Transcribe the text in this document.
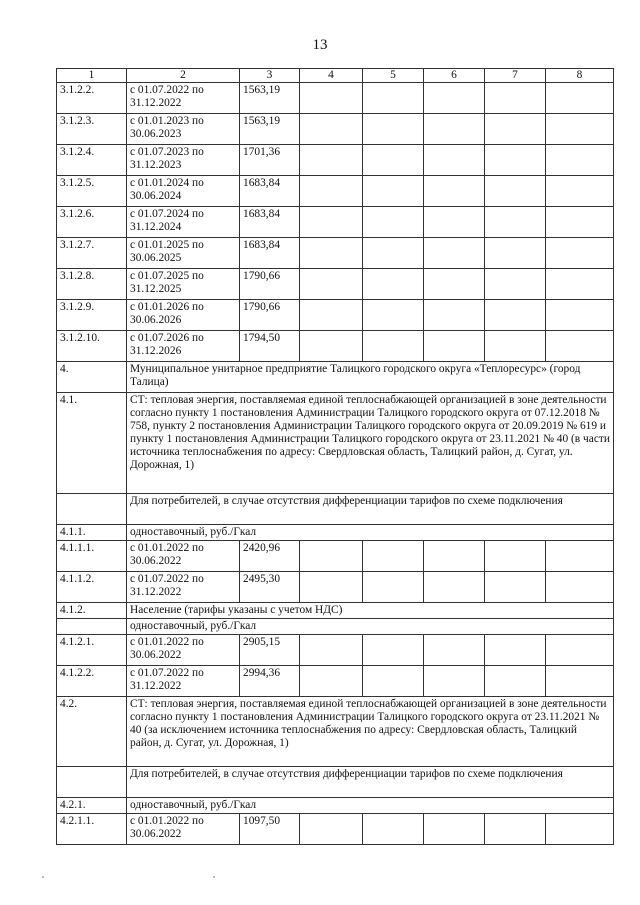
13
1	2	3	4	5	6	7	8
3.1.2.2.	с 01.07.2022 по 31.12.2022	1563,19					
3.1.2.3.	с 01.01.2023 по 30.06.2023	1563,19					
3.1.2.4.	с 01.07.2023 по 31.12.2023	1701,36					
3.1.2.5.	с 01.01.2024 по 30.06.2024	1683,84					
3.1.2.6.	с 01.07.2024 по 31.12.2024	1683,84					
3.1.2.7.	с 01.01.2025 по 30.06.2025	1683,84					
3.1.2.8.	с 01.07.2025 по 31.12.2025	1790,66					
3.1.2.9.	с 01.01.2026 по 30.06.2026	1790,66					
3.1.2.10.	с 01.07.2026 по 31.12.2026	1794,50					
4.	Муниципальное унитарное предприятие Талицкого городского округа «Теплоресурс» (город Талица)						
4.1.	СТ: тепловая энергия, поставляемая единой теплоснабжающей организацией в зоне деятельности согласно пункту 1 постановления Администрации Талицкого городского округа от 07.12.2018 № 758, пункту 2 постановления Администрации Талицкого городского округа от 20.09.2019 № 619 и пункту 1 постановления Администрации Талицкого городского округа от 23.11.2021 № 40 (в части источника теплоснабжения по адресу: Свердловская область, Талицкий район, д. Сугат, ул. Дорожная, 1)						
	Для потребителей, в случае отсутствия дифференциации тарифов по схеме подключения						
4.1.1.	одноставочный, руб./Гкал						
4.1.1.1.	с 01.01.2022 по 30.06.2022	2420,96					
4.1.1.2.	с 01.07.2022 по 31.12.2022	2495,30					
4.1.2.	Население (тарифы указаны с учетом НДС)						
	одноставочный, руб./Гкал						
4.1.2.1.	с 01.01.2022 по 30.06.2022	2905,15					
4.1.2.2.	с 01.07.2022 по 31.12.2022	2994,36					
4.2.	СТ: тепловая энергия, поставляемая единой теплоснабжающей организацией в зоне деятельности согласно пункту 1 постановления Администрации Талицкого городского округа от 23.11.2021 № 40 (за исключением источника теплоснабжения по адресу: Свердловская область, Талицкий район, д. Сугат, ул. Дорожная, 1)						
	Для потребителей, в случае отсутствия дифференциации тарифов по схеме подключения						
4.2.1.	одноставочный, руб./Гкал						
4.2.1.1.	с 01.01.2022 по 30.06.2022	1097,50					
